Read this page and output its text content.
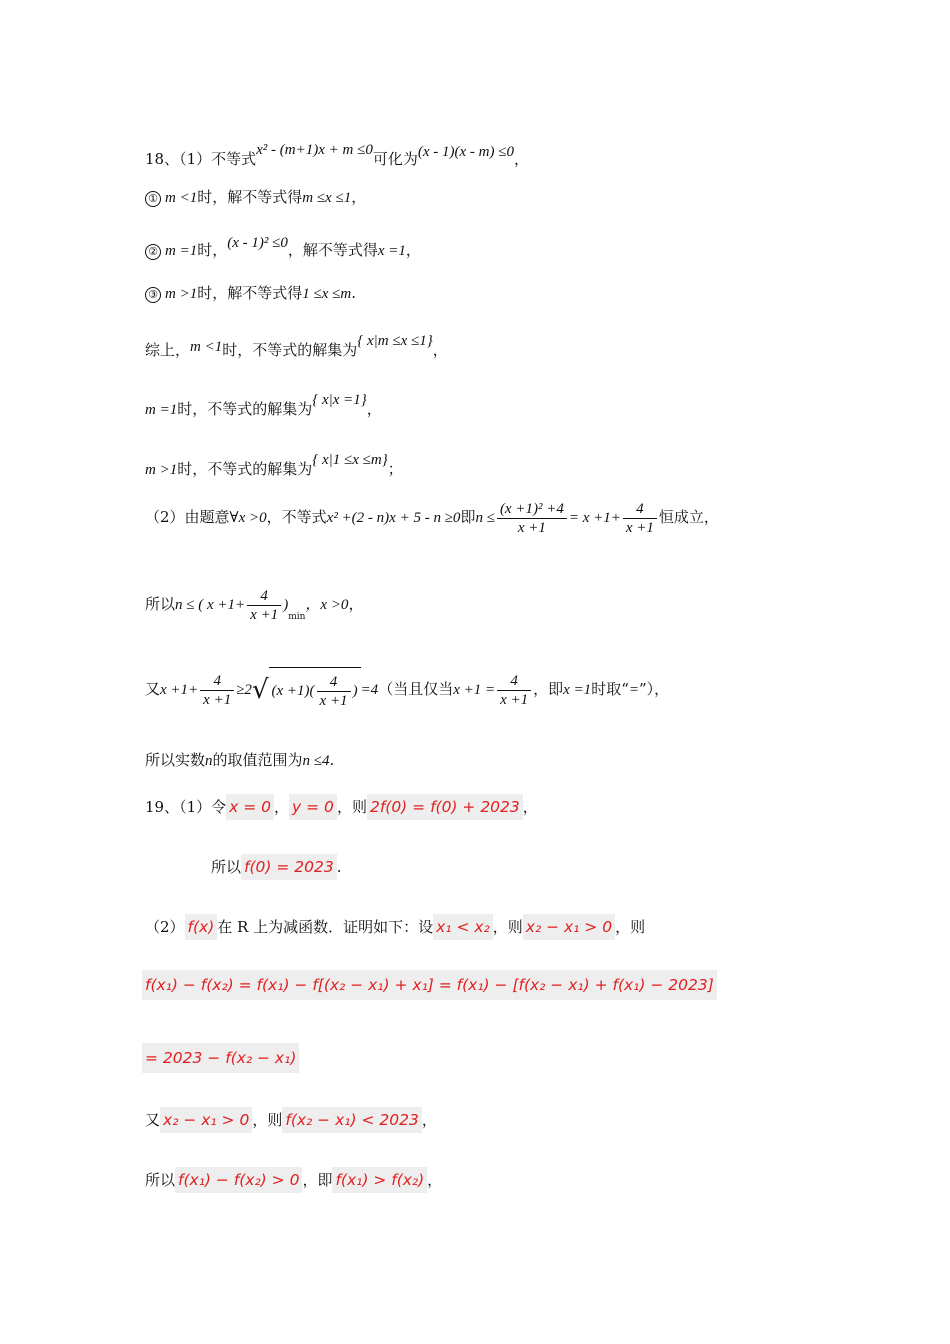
18、（1）不等式x² - (m+1)x + m ≤0可化为(x - 1)(x - m) ≤0，
① m <1时，解不等式得m ≤x ≤1，
② m =1时，(x - 1)² ≤0，解不等式得x =1，
③ m >1时，解不等式得1 ≤x ≤m.
综上，m <1时，不等式的解集为{ x|m ≤x ≤1}，
m =1时，不等式的解集为{ x|x =1}，
m >1时，不等式的解集为{ x|1 ≤x ≤m}；
（2）由题意∀x >0，不等式x² +(2 - n)x + 5 - n ≥0即$n \le \frac{\text{(x +1)² +4}}{x +1} = x +1+ \frac{4}{x +1}$ 恒成立，
所以n ≤ ( $x +1+ \frac{4}{x +1} )_{min}$，x >0，
又$x +1+ \frac{4}{x +1} \ge 2√$ $(x +1)( \frac{4}{x +1}$ ) =4（当且仅当$x +1 = \frac{4}{x +1}$ ，即x =1时取“=”），
所以实数n的取值范围为n ≤4.
19、（1）令 x = 0 ， y = 0 ，则 2f(0) = f(0) + 2023 ，
所以 f(0) = 2023 .
（2） f(x) 在 R 上为减函数．证明如下：设 x₁ < x₂ ，则 x₂ − x₁ > 0 ，则
f(x₁) − f(x₂) = f(x₁) − f[(x₂ − x₁) + x₁] = f(x₁) − [f(x₂ − x₁) + f(x₁) − 2023]
= 2023 − f(x₂ − x₁)
又 x₂ − x₁ > 0 ，则 f(x₂ − x₁) < 2023 ，
所以 f(x₁) − f(x₂) > 0 ，即 f(x₁) > f(x₂) ，
